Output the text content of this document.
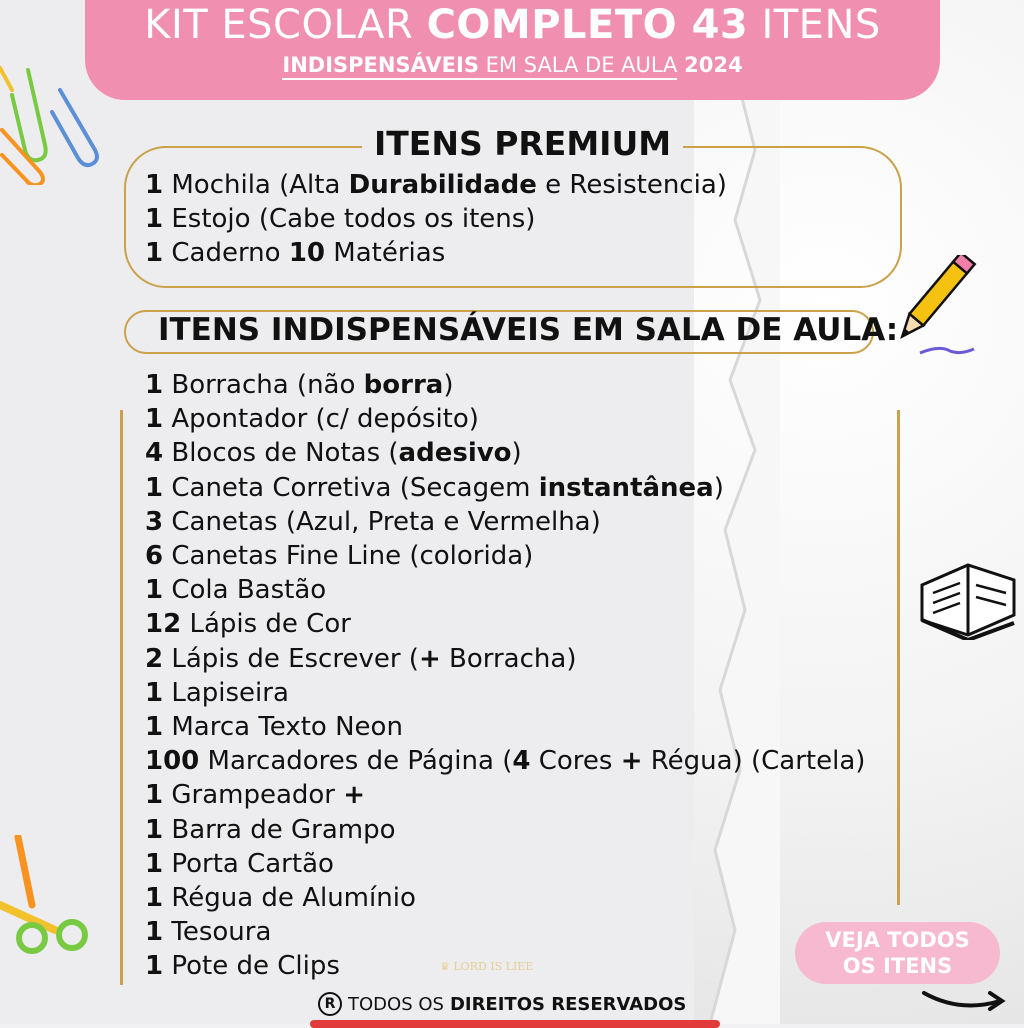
KIT ESCOLAR COMPLETO 43 ITENS
INDISPENSÁVEIS EM SALA DE AULA 2024
ITENS PREMIUM
1 Mochila (Alta Durabilidade e Resistencia)
1 Estojo (Cabe todos os itens)
1 Caderno 10 Matérias
ITENS INDISPENSÁVEIS EM SALA DE AULA:
1 Borracha (não borra)
1 Apontador (c/ depósito)
4 Blocos de Notas (adesivo)
1 Caneta Corretiva (Secagem instantânea)
3 Canetas (Azul, Preta e Vermelha)
6 Canetas Fine Line (colorida)
1 Cola Bastão
12 Lápis de Cor
2 Lápis de Escrever (+ Borracha)
1 Lapiseira
1 Marca Texto Neon
100 Marcadores de Página (4 Cores + Régua) (Cartela)
1 Grampeador +
1 Barra de Grampo
1 Porta Cartão
1 Régua de Alumínio
1 Tesoura
1 Pote de Clips
VEJA TODOS
OS ITENS
R TODOS OS DIREITOS RESERVADOS
♛ LORD IS LIEE
